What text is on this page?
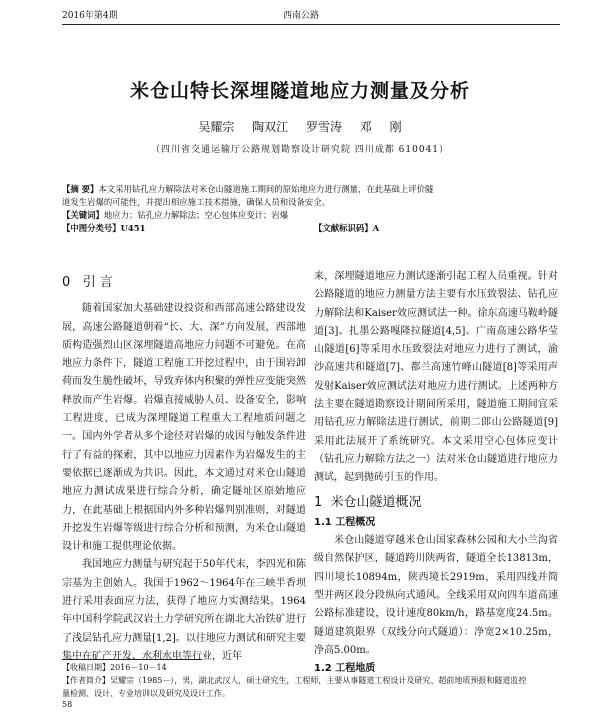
2016年第4期	西南公路
米仓山特长深埋隧道地应力测量及分析
吴耀宗 陶双江 罗雪涛 邓 刚
（四川省交通运输厅公路规划勘察设计研究院 四川成都 610041）
【摘 要】本文采用钻孔应力解除法对米仓山隧道施工期间的原始地应力进行测量，在此基础上评价隧
道发生岩爆的可能性，并提出相应施工技术措施，确保人员和设备安全。
【关键词】地应力；钻孔应力解除法；空心包体应变计；岩爆
【中图分类号】U451	【文献标识码】A
0 引 言

随着国家加大基础建设投资和西部高速公路建设发展，高速公路隧道朝着“长、大、深”方向发展，西部地质构造强烈山区深埋隧道高地应力问题不可避免。在高地应力条件下，隧道工程施工开挖过程中，由于围岩卸荷而发生脆性破坏，导致弃体内积聚的弹性应变能突然释放而产生岩爆。岩爆直接威胁人员、设备安全，影响工程进度，已成为深埋隧道工程重大工程地质问题之一。国内外学者从多个途径对岩爆的成因与触发条件进行了有益的探索，其中以地应力因素作为岩爆发生的主要依据已逐渐成为共识。因此，本文通过对米仓山隧道地应力测试成果进行综合分析，确定隧址区原始地应力，在此基础上根据国内外多种岩爆判别准则，对隧道开挖发生岩爆等级进行综合分析和预测，为米仓山隧道设计和施工提供理论依据。

我国地应力测量与研究起于50年代末，李四光和陈宗基为主创始人。我国于1962～1964年在三峡半香坝进行采用表面应力法，获得了地应力实测结果。1964年中国科学院武汉岩土力学研究所在湖北大冶铁矿进行了浅层钻孔应力测量[1,2]。以往地应力测试和研究主要集中在矿产开发、水利水电等行业，近年

来，深埋隧道地应力测试逐渐引起工程人员重视。针对公路隧道的地应力测量方法主要有水压致裂法、钻孔应力解除法和Kaiser效应测试法一种。徐东高速马鞍岭隧道[3]、扎墨公路嘎隆拉隧道[4,5]、广南高速公路华莹山隧道[6]等采用水压致裂法对地应力进行了测试，渝沙高速共和隧道[7]、都兰高速竹峰山隧道[8]等采用声发射Kaiser效应测试法对地应力进行测试。上述两种方法主要在隧道勘察设计期间所采用，隧道施工期间宜采用钻孔应力解除法进行测试，前期二郎山公路隧道[9]采用此法展开了系统研究。本文采用空心包体应变计（钻孔应力解除方法之一）法对米仓山隧道进行地应力测试，起到抛砖引玉的作用。

1 米仓山隧道概况
1.1 工程概况

米仓山隧道穿越米仓山国家森林公园和大小兰沟省级自然保护区，隧道跨川陕两省，隧道全长13813m，四川境长10894m，陕西境长2919m，采用四线并简型并两区段分段纵向式通风。全线采用双向四车道高速公路标准建设，设计速度80km/h，路基宽度24.5m。隧道建筑限界（双线分向式隧道）：净宽2×10.25m，净高5.00m。

1.2 工程地质
【收稿日期】2016－10－14
【作者简介】吴耀宗（1985－），男，湖北武汉人，硕士研究生，工程师，主要从事隧道工程设计及研究、超前地质预报和隧道监控
量检测、设计、专业培训以及研究及设计工作。
58
